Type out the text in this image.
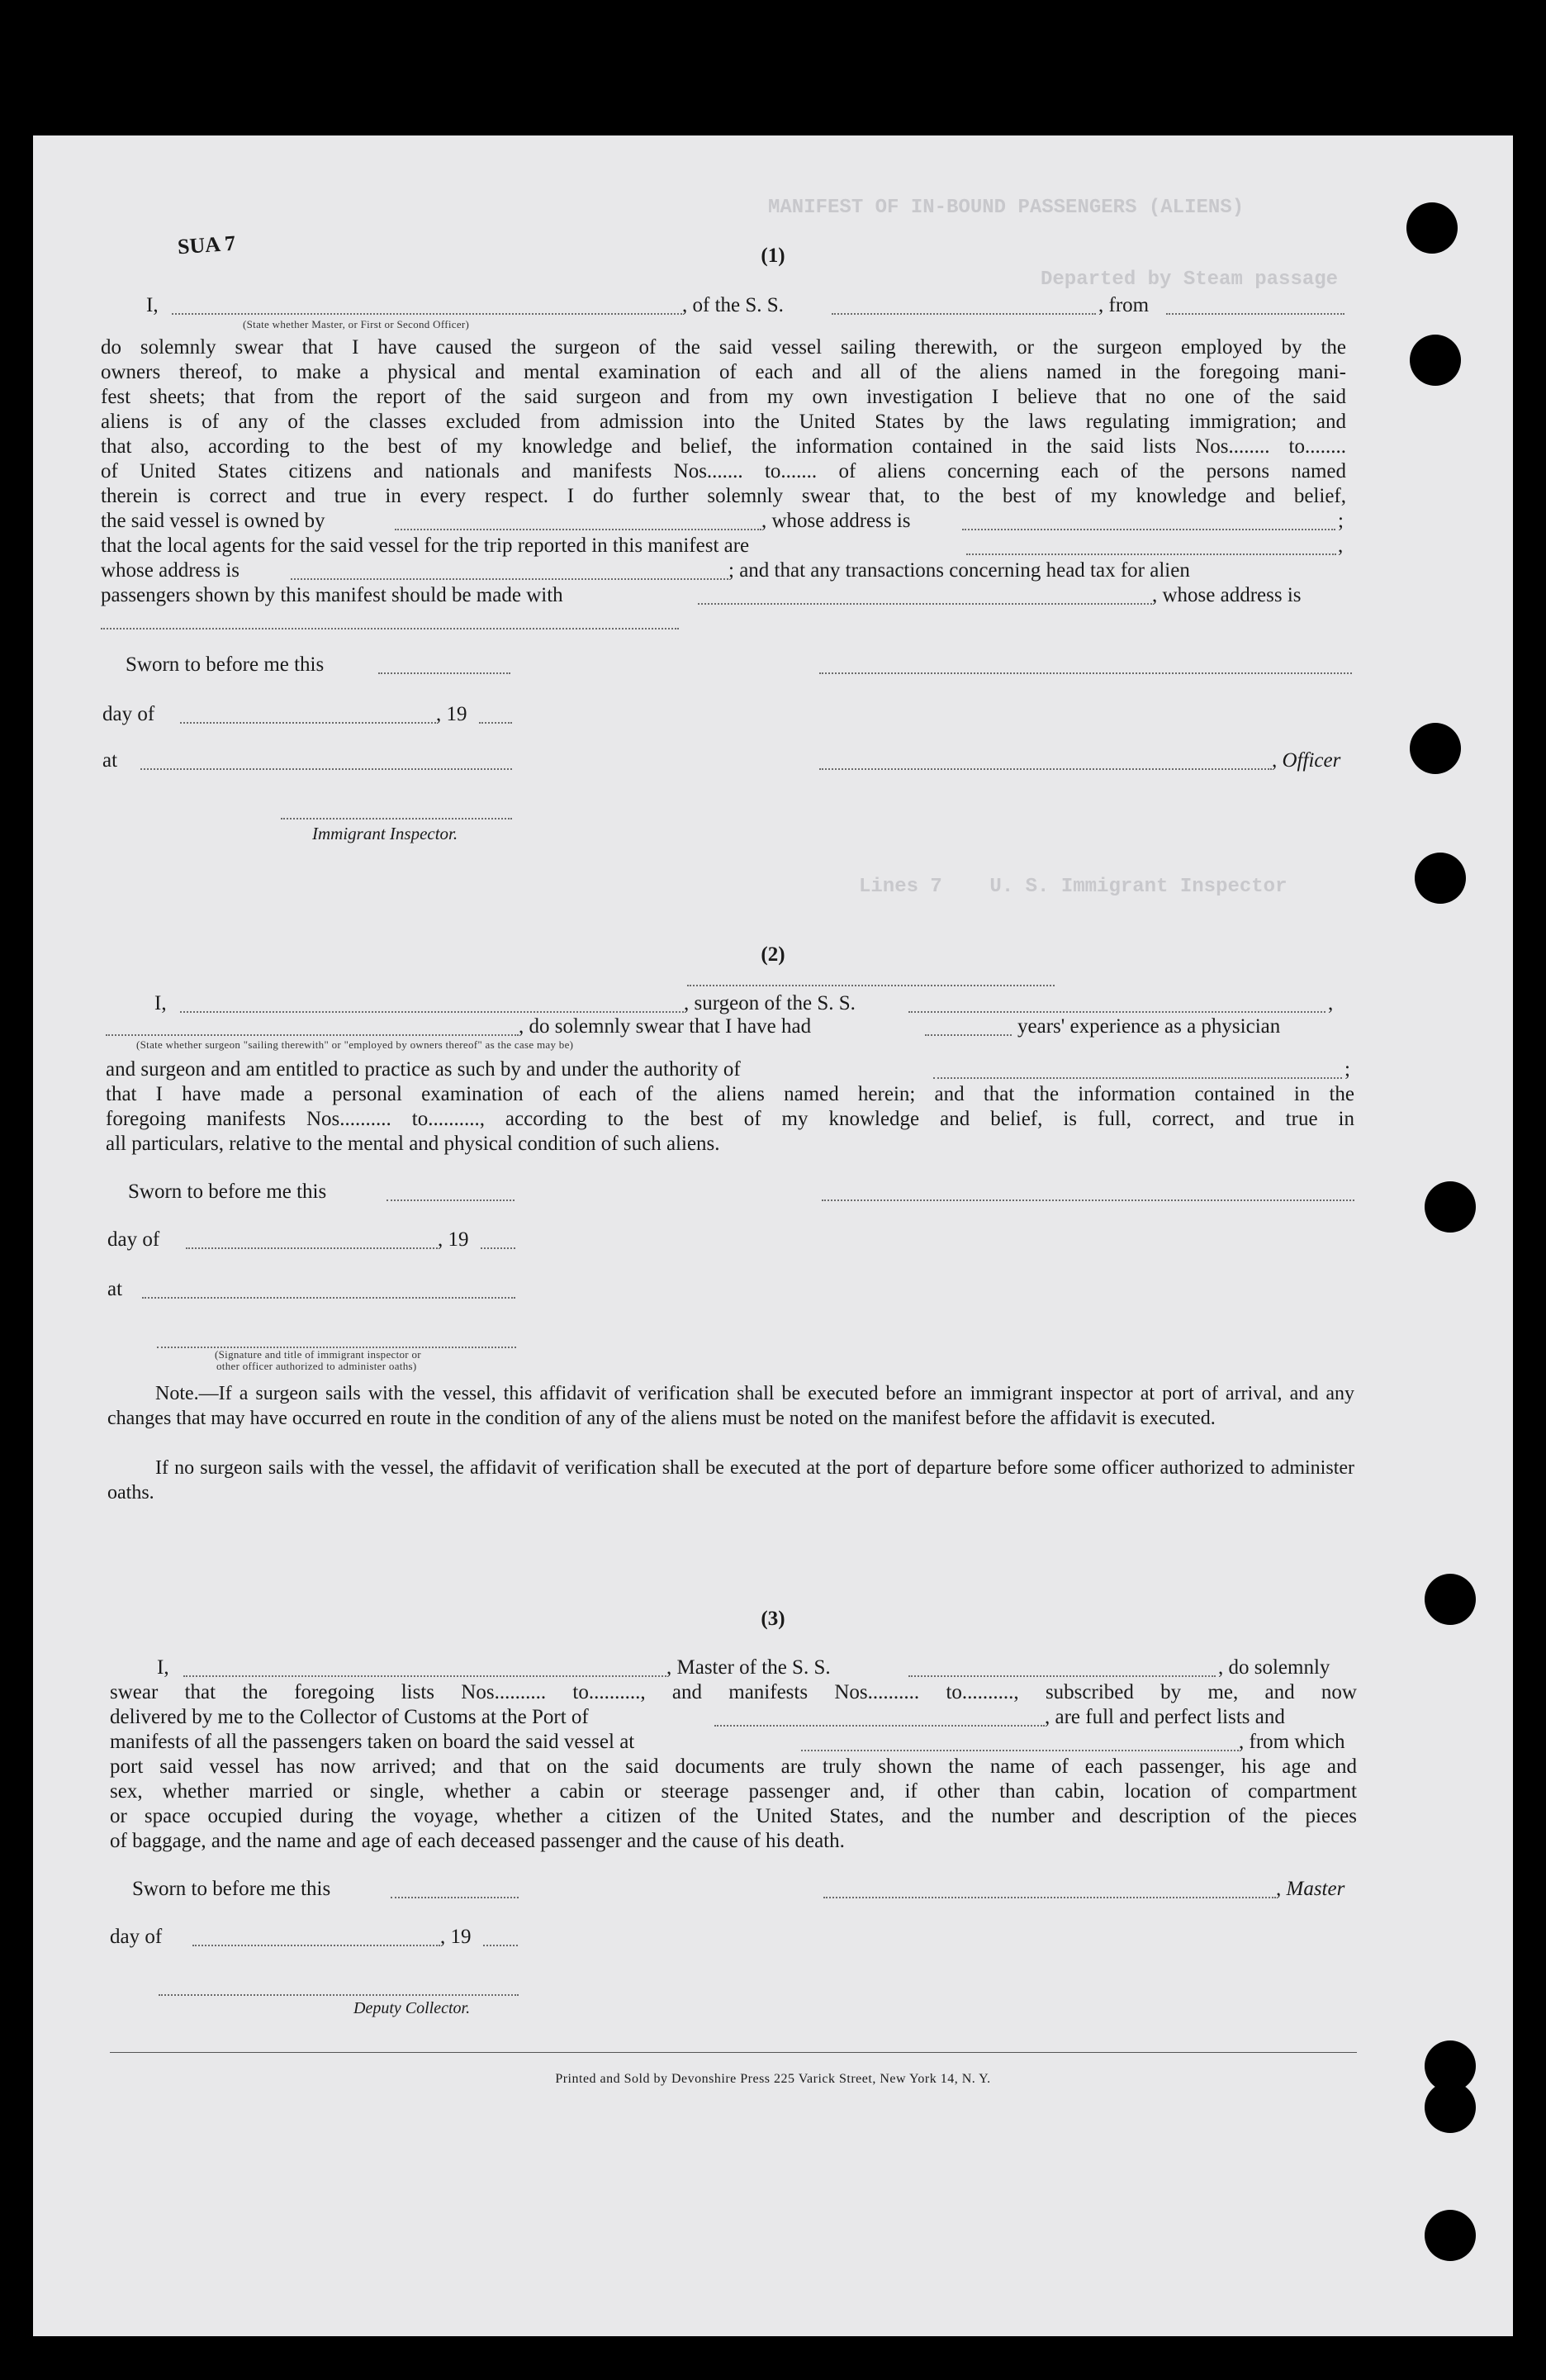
MANIFEST OF IN-BOUND PASSENGERS (ALIENS)
Departed by Steam passage
Lines 7    U. S. Immigrant Inspector
SUA 7	(1)
I,	, of the S. S.	, from
(State whether Master, or First or Second Officer)
do solemnly swear that I have caused the surgeon of the said vessel sailing therewith, or the surgeon employed by the
owners thereof, to make a physical and mental examination of each and all of the aliens named in the foregoing mani-
fest sheets; that from the report of the said surgeon and from my own investigation I believe that no one of the said
aliens is of any of the classes excluded from admission into the United States by the laws regulating immigration; and
that also, according to the best of my knowledge and belief, the information contained in the said lists Nos........ to........
of United States citizens and nationals and manifests Nos....... to....... of aliens concerning each of the persons named
therein is correct and true in every respect. I do further solemnly swear that, to the best of my knowledge and belief,
the said vessel is owned by	, whose address is	;
that the local agents for the said vessel for the trip reported in this manifest are	,
whose address is	; and that any transactions concerning head tax for alien
passengers shown by this manifest should be made with	, whose address is
Sworn to before me this
day of	, 19
at	, Officer
Immigrant Inspector.
(2)
I,	, surgeon of the S. S.	,
, do solemnly swear that I have had	years' experience as a physician
(State whether surgeon "sailing therewith" or "employed by owners thereof" as the case may be)
and surgeon and am entitled to practice as such by and under the authority of	;
that I have made a personal examination of each of the aliens named herein; and that the information contained in the
foregoing manifests Nos.......... to.........., according to the best of my knowledge and belief, is full, correct, and true in
all particulars, relative to the mental and physical condition of such aliens.
Sworn to before me this
day of	, 19
at
(Signature and title of immigrant inspector or
other officer authorized to administer oaths)
Note.—If a surgeon sails with the vessel, this affidavit of verification shall be executed before an immigrant inspector at port of arrival, and any changes that may have occurred en route in the condition of any of the aliens must be noted on the manifest before the affidavit is executed.
If no surgeon sails with the vessel, the affidavit of verification shall be executed at the port of departure before some officer authorized to administer oaths.
(3)
I,	, Master of the S. S.	, do solemnly
swear that the foregoing lists Nos.......... to.........., and manifests Nos.......... to.........., subscribed by me, and now
delivered by me to the Collector of Customs at the Port of	, are full and perfect lists and
manifests of all the passengers taken on board the said vessel at	, from which
port said vessel has now arrived; and that on the said documents are truly shown the name of each passenger, his age and
sex, whether married or single, whether a cabin or steerage passenger and, if other than cabin, location of compartment
or space occupied during the voyage, whether a citizen of the United States, and the number and description of the pieces
of baggage, and the name and age of each deceased passenger and the cause of his death.
Sworn to before me this	, Master
day of	, 19
Deputy Collector.
Printed and Sold by Devonshire Press 225 Varick Street, New York 14, N. Y.
